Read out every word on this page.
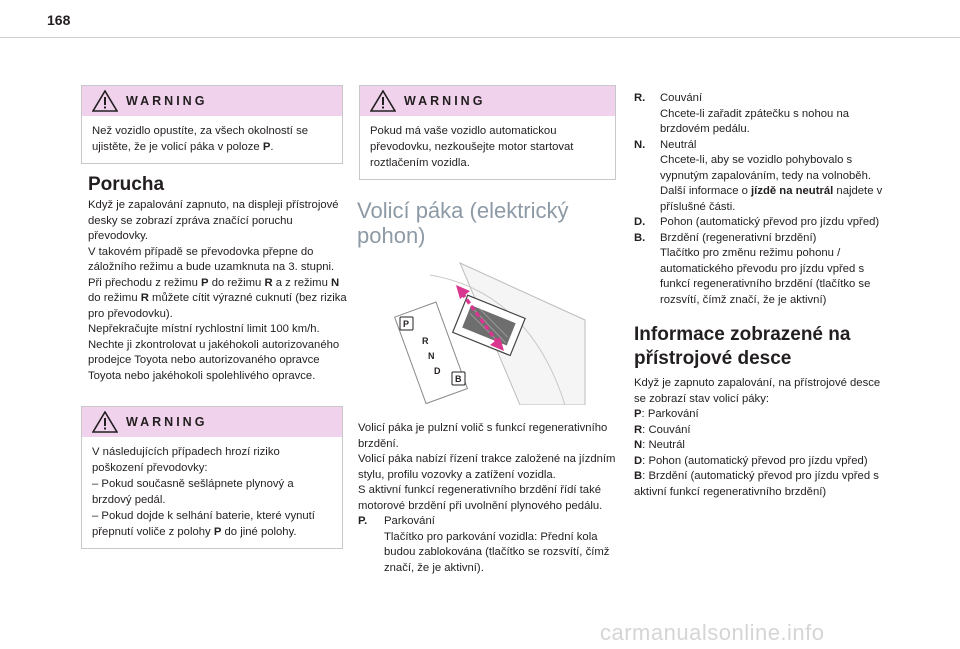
168
WARNING
Než vozidlo opustíte, za všech okolností se ujistěte, že je volicí páka v poloze P.
Porucha
Když je zapalování zapnuto, na displeji přístrojové desky se zobrazí zpráva značící poruchu převodovky.
V takovém případě se převodovka přepne do záložního režimu a bude uzamknuta na 3. stupni.
Při přechodu z režimu P do režimu R a z režimu N do režimu R můžete cítit výrazné cuknutí (bez rizika pro převodovku).
Nepřekračujte místní rychlostní limit 100 km/h.
Nechte ji zkontrolovat u jakéhokoli autorizovaného prodejce Toyota nebo autorizovaného opravce Toyota nebo jakéhokoli spolehlivého opravce.
WARNING
V následujících případech hrozí riziko poškození převodovky:
– Pokud současně sešlápnete plynový a brzdový pedál.
– Pokud dojde k selhání baterie, které vynutí přepnutí voliče z polohy P do jiné polohy.
WARNING
Pokud má vaše vozidlo automatickou převodovku, nezkoušejte motor startovat roztlačením vozidla.
Volicí páka (elektrický pohon)
P
R
N
D
B
Volicí páka je pulzní volič s funkcí regenerativního brzdění.
Volicí páka nabízí řízení trakce založené na jízdním stylu, profilu vozovky a zatížení vozidla.
S aktivní funkcí regenerativního brzdění řídí také motorové brzdění při uvolnění plynového pedálu.
P.	Parkování
Tlačítko pro parkování vozidla: Přední kola budou zablokována (tlačítko se rozsvítí, čímž značí, že je aktivní).
R.	Couvání
Chcete-li zařadit zpátečku s nohou na brzdovém pedálu.
N.	Neutrál
Chcete-li, aby se vozidlo pohybovalo s vypnutým zapalováním, tedy na volnoběh. Další informace o jízdě na neutrál najdete v příslušné části.
D.	Pohon (automatický převod pro jízdu vpřed)
B.	Brzdění (regenerativní brzdění)
Tlačítko pro změnu režimu pohonu / automatického převodu pro jízdu vpřed s funkcí regenerativního brzdění (tlačítko se rozsvítí, čímž značí, že je aktivní)
Informace zobrazené na přístrojové desce
Když je zapnuto zapalování, na přístrojové desce se zobrazí stav volicí páky:
P: Parkování
R: Couvání
N: Neutrál
D: Pohon (automatický převod pro jízdu vpřed)
B: Brzdění (automatický převod pro jízdu vpřed s aktivní funkcí regenerativního brzdění)
carmanualsonline.info
